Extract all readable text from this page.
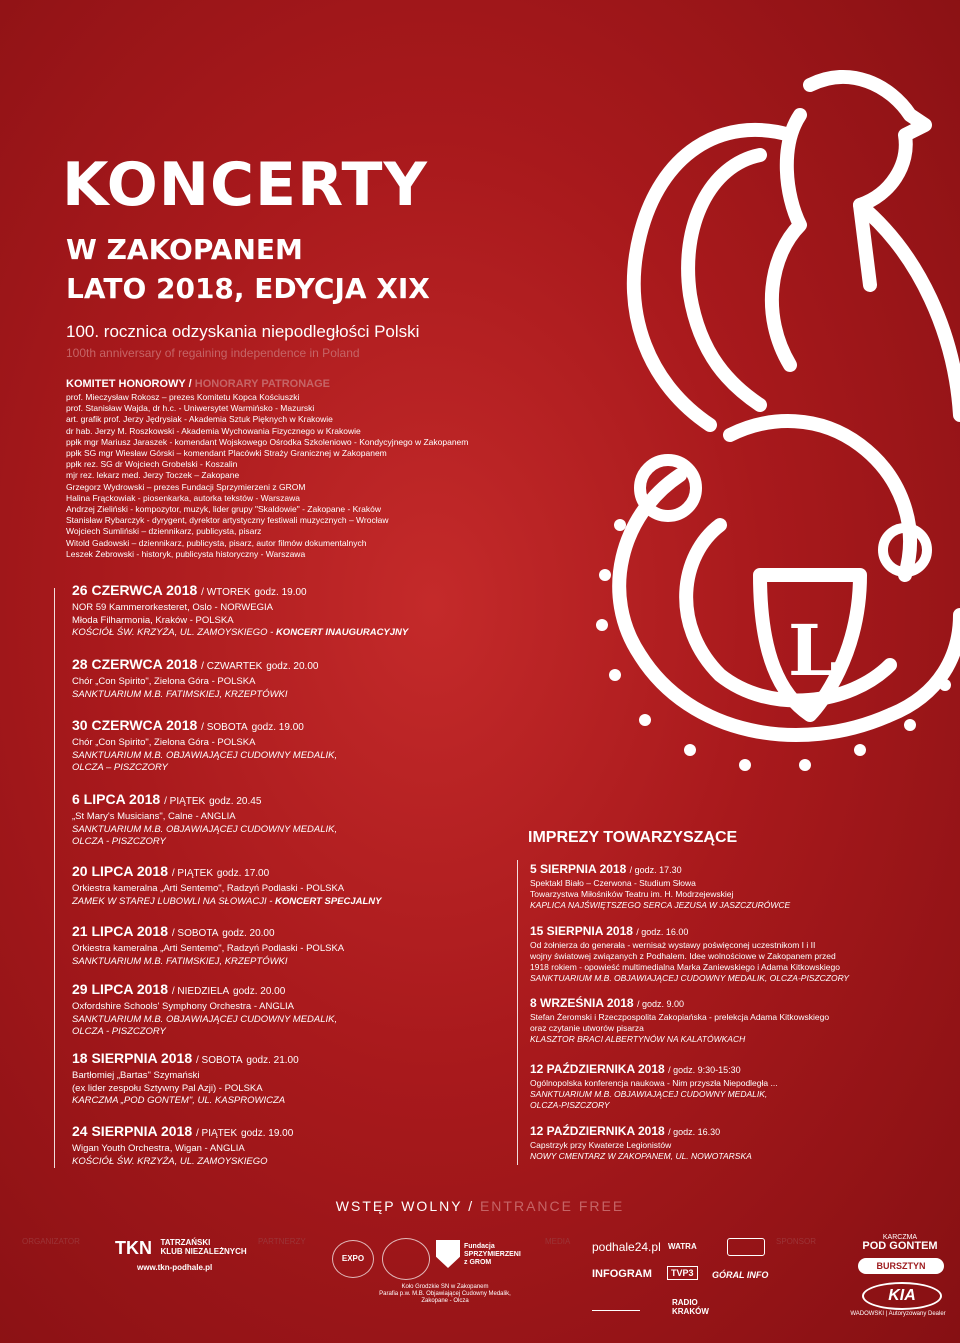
L
KONCERTY
W ZAKOPANEM
LATO 2018, EDYCJA XIX
100. rocznica odzyskania niepodległości Polski
100th anniversary of regaining independence in Poland
KOMITET HONOROWY / HONORARY PATRONAGE
prof. Mieczysław Rokosz – prezes Komitetu Kopca Kościuszki
prof. Stanisław Wajda, dr h.c. - Uniwersytet Warmińsko - Mazurski
art. grafik prof. Jerzy Jędrysiak - Akademia Sztuk Pięknych w Krakowie
dr hab. Jerzy M. Roszkowski - Akademia Wychowania Fizycznego w Krakowie
ppłk mgr Mariusz Jaraszek - komendant Wojskowego Ośrodka Szkoleniowo - Kondycyjnego w Zakopanem
ppłk SG mgr Wiesław Górski – komendant Placówki Straży Granicznej w Zakopanem
ppłk rez. SG dr Wojciech Grobelski - Koszalin
mjr rez. lekarz med. Jerzy Toczek – Zakopane
Grzegorz Wydrowski – prezes Fundacji Sprzymierzeni z GROM
Halina Frąckowiak - piosenkarka, autorka tekstów - Warszawa
Andrzej Zieliński - kompozytor, muzyk, lider grupy "Skaldowie" - Zakopane - Kraków
Stanisław Rybarczyk - dyrygent, dyrektor artystyczny festiwali muzycznych – Wrocław
Wojciech Sumliński – dziennikarz, publicysta, pisarz
Witold Gadowski – dziennikarz, publicysta, pisarz, autor filmów dokumentalnych
Leszek Żebrowski - historyk, publicysta historyczny - Warszawa
26 CZERWCA 2018 / WTOREK godz. 19.00
NOR 59 Kammerorkesteret, Oslo - NORWEGIA
Młoda Filharmonia, Kraków - POLSKA
KOŚCIÓŁ ŚW. KRZYŻA, UL. ZAMOYSKIEGO - KONCERT INAUGURACYJNY
28 CZERWCA 2018 / CZWARTEK godz. 20.00
Chór „Con Spirito", Zielona Góra - POLSKA
SANKTUARIUM M.B. FATIMSKIEJ, KRZEPTÓWKI
30 CZERWCA 2018 / SOBOTA godz. 19.00
Chór „Con Spirito", Zielona Góra - POLSKA
SANKTUARIUM M.B. OBJAWIAJĄCEJ CUDOWNY MEDALIK,
OLCZA – PISZCZORY
6 LIPCA 2018 / PIĄTEK godz. 20.45
„St Mary's Musicians", Calne - ANGLIA
SANKTUARIUM M.B. OBJAWIAJĄCEJ CUDOWNY MEDALIK,
OLCZA - PISZCZORY
20 LIPCA 2018 / PIĄTEK godz. 17.00
Orkiestra kameralna „Arti Sentemo", Radzyń Podlaski - POLSKA
ZAMEK W STAREJ LUBOWLI NA SŁOWACJI - KONCERT SPECJALNY
21 LIPCA 2018 / SOBOTA godz. 20.00
Orkiestra kameralna „Arti Sentemo", Radzyń Podlaski - POLSKA
SANKTUARIUM M.B. FATIMSKIEJ, KRZEPTÓWKI
29 LIPCA 2018 / NIEDZIELA godz. 20.00
Oxfordshire Schools' Symphony Orchestra - ANGLIA
SANKTUARIUM M.B. OBJAWIAJĄCEJ CUDOWNY MEDALIK,
OLCZA - PISZCZORY
18 SIERPNIA 2018 / SOBOTA godz. 21.00
Bartłomiej „Bartas" Szymański
(ex lider zespołu Sztywny Pal Azji) - POLSKA
KARCZMA „POD GONTEM", UL. KASPROWICZA
24 SIERPNIA 2018 / PIĄTEK godz. 19.00
Wigan Youth Orchestra, Wigan - ANGLIA
KOŚCIÓŁ ŚW. KRZYŻA, UL. ZAMOYSKIEGO
IMPREZY TOWARZYSZĄCE
5 SIERPNIA 2018 / godz. 17.30
Spektakl Biało – Czerwona - Studium Słowa
Towarzystwa Miłośników Teatru im. H. Modrzejewskiej
KAPLICA NAJŚWIĘTSZEGO SERCA JEZUSA W JASZCZURÓWCE
15 SIERPNIA 2018 / godz. 16.00
Od żołnierza do generała - wernisaż wystawy poświęconej uczestnikom I i II
wojny światowej związanych z Podhalem. Idee wolnościowe w Zakopanem przed
1918 rokiem - opowieść multimedialna Marka Zaniewskiego i Adama Kitkowskiego
SANKTUARIUM M.B. OBJAWIAJĄCEJ CUDOWNY MEDALIK, OLCZA-PISZCZORY
8 WRZEŚNIA 2018 / godz. 9.00
Stefan Żeromski i Rzeczpospolita Zakopiańska - prelekcja Adama Kitkowskiego
oraz czytanie utworów pisarza
KLASZTOR BRACI ALBERTYNÓW NA KALATÓWKACH
12 PAŹDZIERNIKA 2018 / godz. 9:30-15:30
Ogólnopolska konferencja naukowa - Nim przyszła Niepodległa ...
SANKTUARIUM M.B. OBJAWIAJĄCEJ CUDOWNY MEDALIK,
OLCZA-PISZCZORY
12 PAŹDZIERNIKA 2018 / godz. 16.30
Capstrzyk przy Kwaterze Legionistów
NOWY CMENTARZ W ZAKOPANEM, UL. NOWOTARSKA
WSTĘP WOLNY / ENTRANCE FREE
ORGANIZATOR	PARTNERZY	MEDIA	SPONSOR
TKN TATRZAŃSKI
KLUB NIEZALEŻNYCH
www.tkn-podhale.pl
EXPO
Fundacja SPRZYMIERZENI z GROM
Koło Grodzkie SN w Zakopanem
Parafia p.w. M.B. Objawiającej Cudowny Medalik,
Zakopane - Olcza
podhale24.pl WATRA
INFOGRAM	TVP3	GÓRAL INFO
RADIO KRAKÓW
KARCZMA
POD GONTEM
BURSZTYN
KIA
WADOWSKI | Autoryzowany Dealer
